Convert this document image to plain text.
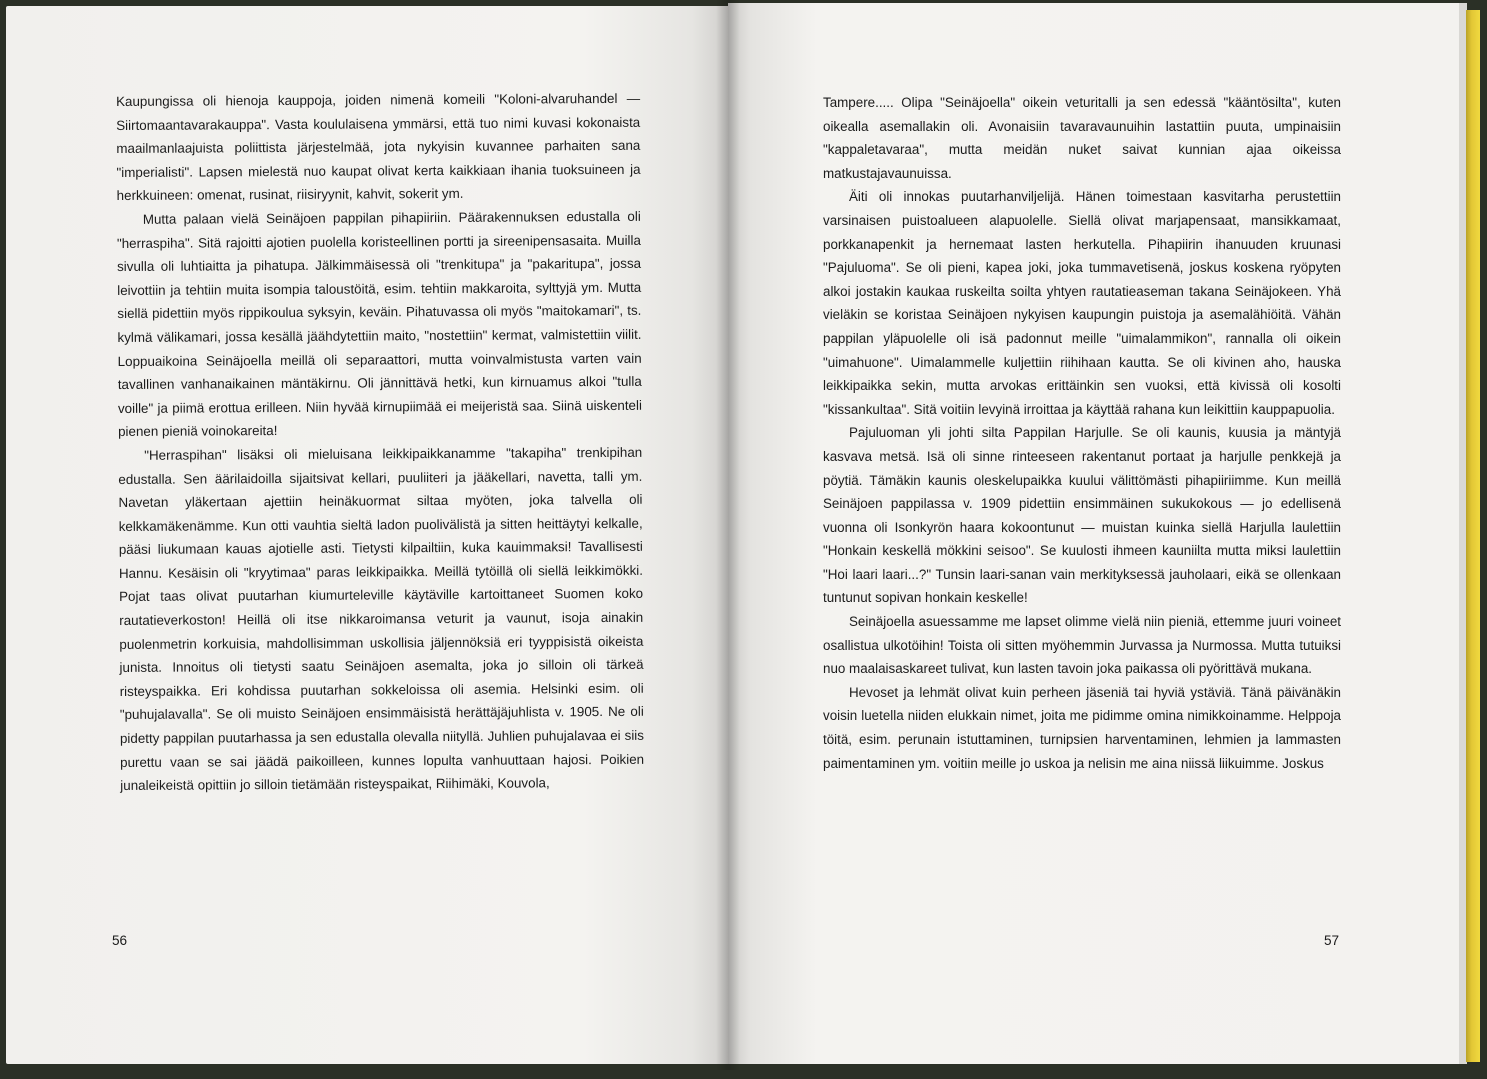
Kaupungissa oli hienoja kauppoja, joiden nimenä komeili "Koloni-alvaruhandel — Siirtomaantavarakauppa". Vasta koululaisena ymmärsi, että tuo nimi kuvasi kokonaista maailmanlaajuista poliittista järjestelmää, jota nykyisin kuvannee parhaiten sana "imperialisti". Lapsen mielestä nuo kaupat olivat kerta kaikkiaan ihania tuoksuineen ja herkkuineen: omenat, rusinat, riisiryynit, kahvit, sokerit ym.

Mutta palaan vielä Seinäjoen pappilan pihapiiriin. Päärakennuksen edustalla oli "herraspiha". Sitä rajoitti ajotien puolella koristeellinen portti ja sireenipensasaita. Muilla sivulla oli luhtiaitta ja pihatupa. Jälkimmäisessä oli "trenkitupa" ja "pakaritupa", jossa leivottiin ja tehtiin muita isompia taloustöitä, esim. tehtiin makkaroita, sylttyjä ym. Mutta siellä pidettiin myös rippikoulua syksyin, keväin. Pihatuvassa oli myös "maitokamari", ts. kylmä välikamari, jossa kesällä jäähdytettiin maito, "nostettiin" kermat, valmistettiin viilit. Loppuaikoina Seinäjoella meillä oli separaattori, mutta voinvalmistusta varten vain tavallinen vanhanaikainen mäntäkirnu. Oli jännittävä hetki, kun kirnuamus alkoi "tulla voille" ja piimä erottua erilleen. Niin hyvää kirnupiimää ei meijeristä saa. Siinä uiskenteli pienen pieniä voinokareita!

"Herraspihan" lisäksi oli mieluisana leikkipaikkanamme "takapiha" trenkipihan edustalla. Sen äärilaidoilla sijaitsivat kellari, puuliiteri ja jääkellari, navetta, talli ym. Navetan yläkertaan ajettiin heinäkuormat siltaa myöten, joka talvella oli kelkkamäkenämme. Kun otti vauhtia sieltä ladon puolivälistä ja sitten heittäytyi kelkalle, pääsi liukumaan kauas ajotielle asti. Tietysti kilpailtiin, kuka kauimmaksi! Tavallisesti Hannu. Kesäisin oli "kryytimaa" paras leikkipaikka. Meillä tytöillä oli siellä leikkimökki. Pojat taas olivat puutarhan kiumurteleville käytäville kartoittaneet Suomen koko rautatieverkoston! Heillä oli itse nikkaroimansa veturit ja vaunut, isoja ainakin puolenmetrin korkuisia, mahdollisimman uskollisia jäljennöksiä eri tyyppisistä oikeista junista. Innoitus oli tietysti saatu Seinäjoen asemalta, joka jo silloin oli tärkeä risteyspaikka. Eri kohdissa puutarhan sokkeloissa oli asemia. Helsinki esim. oli "puhujalavalla". Se oli muisto Seinäjoen ensimmäisistä herättäjäjuhlista v. 1905. Ne oli pidetty pappilan puutarhassa ja sen edustalla olevalla niityllä. Juhlien puhujalavaa ei siis purettu vaan se sai jäädä paikoilleen, kunnes lopulta vanhuuttaan hajosi. Poikien junaleikeistä opittiin jo silloin tietämään risteyspaikat, Riihimäki, Kouvola,

56

Tampere..... Olipa "Seinäjoella" oikein veturitalli ja sen edessä "kääntösilta", kuten oikealla asemallakin oli. Avonaisiin tavaravaunuihin lastattiin puuta, umpinaisiin "kappaletavaraa", mutta meidän nuket saivat kunnian ajaa oikeissa matkustajavaunuissa.

Äiti oli innokas puutarhanviljelijä. Hänen toimestaan kasvitarha perustettiin varsinaisen puistoalueen alapuolelle. Siellä olivat marjapensaat, mansikkamaat, porkkanapenkit ja hernemaat lasten herkutella. Pihapiirin ihanuuden kruunasi "Pajuluoma". Se oli pieni, kapea joki, joka tummavetisenä, joskus koskena ryöpyten alkoi jostakin kaukaa ruskeilta soilta yhtyen rautatieaseman takana Seinäjokeen. Yhä vieläkin se koristaa Seinäjoen nykyisen kaupungin puistoja ja asemalähiöitä. Vähän pappilan yläpuolelle oli isä padonnut meille "uimalammikon", rannalla oli oikein "uimahuone". Uimalammelle kuljettiin riihihaan kautta. Se oli kivinen aho, hauska leikkipaikka sekin, mutta arvokas erittäinkin sen vuoksi, että kivissä oli kosolti "kissankultaa". Sitä voitiin levyinä irroittaa ja käyttää rahana kun leikittiin kauppapuolia.

Pajuluoman yli johti silta Pappilan Harjulle. Se oli kaunis, kuusia ja mäntyjä kasvava metsä. Isä oli sinne rinteeseen rakentanut portaat ja harjulle penkkejä ja pöytiä. Tämäkin kaunis oleskelupaikka kuului välittömästi pihapiiriimme. Kun meillä Seinäjoen pappilassa v. 1909 pidettiin ensimmäinen sukukokous — jo edellisenä vuonna oli Isonkyrön haara kokoontunut — muistan kuinka siellä Harjulla laulettiin "Honkain keskellä mökkini seisoo". Se kuulosti ihmeen kauniilta mutta miksi laulettiin "Hoi laari laari...?" Tunsin laari-sanan vain merkityksessä jauholaari, eikä se ollenkaan tuntunut sopivan honkain keskelle!

Seinäjoella asuessamme me lapset olimme vielä niin pieniä, ettemme juuri voineet osallistua ulkotöihin! Toista oli sitten myöhemmin Jurvassa ja Nurmossa. Mutta tutuiksi nuo maalaisaskareet tulivat, kun lasten tavoin joka paikassa oli pyörittävä mukana.

Hevoset ja lehmät olivat kuin perheen jäseniä tai hyviä ystäviä. Tänä päivänäkin voisin luetella niiden elukkain nimet, joita me pidimme omina nimikkoinamme. Helppoja töitä, esim. perunain istuttaminen, turnipsien harventaminen, lehmien ja lammasten paimentaminen ym. voitiin meille jo uskoa ja nelisin me aina niissä liikuimme. Joskus

57
